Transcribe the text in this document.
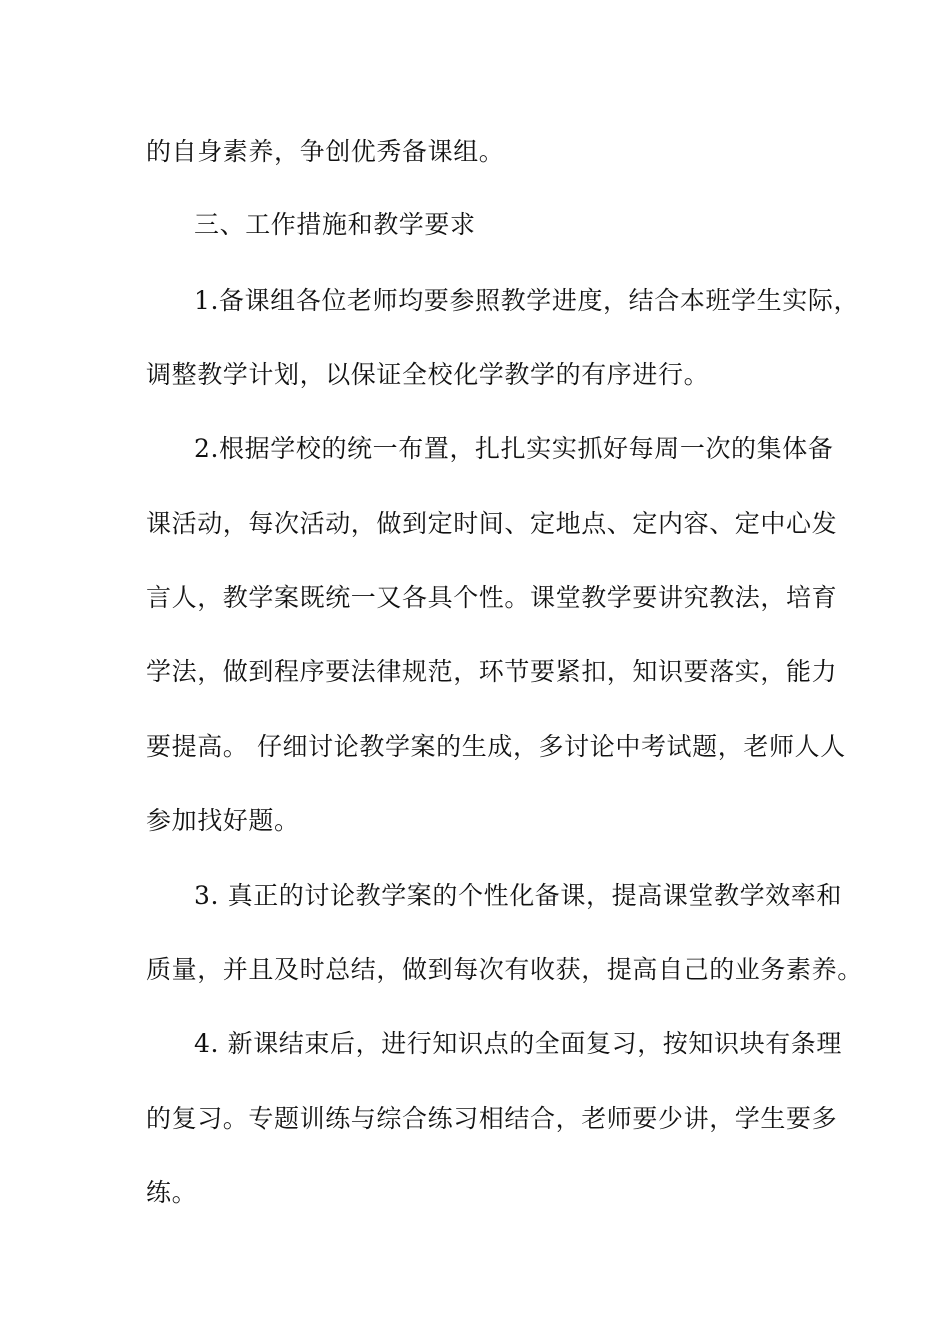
的自身素养，争创优秀备课组。
三、工作措施和教学要求
1.备课组各位老师均要参照教学进度，结合本班学生实际，
调整教学计划，以保证全校化学教学的有序进行。
2.根据学校的统一布置，扎扎实实抓好每周一次的集体备
课活动，每次活动，做到定时间、定地点、定内容、定中心发
言人，教学案既统一又各具个性。课堂教学要讲究教法，培育
学法，做到程序要法律规范，环节要紧扣，知识要落实，能力
要提高。 仔细讨论教学案的生成，多讨论中考试题，老师人人
参加找好题。
3. 真正的讨论教学案的个性化备课，提高课堂教学效率和
质量，并且及时总结，做到每次有收获，提高自己的业务素养。
4. 新课结束后，进行知识点的全面复习，按知识块有条理
的复习。专题训练与综合练习相结合，老师要少讲，学生要多
练。
